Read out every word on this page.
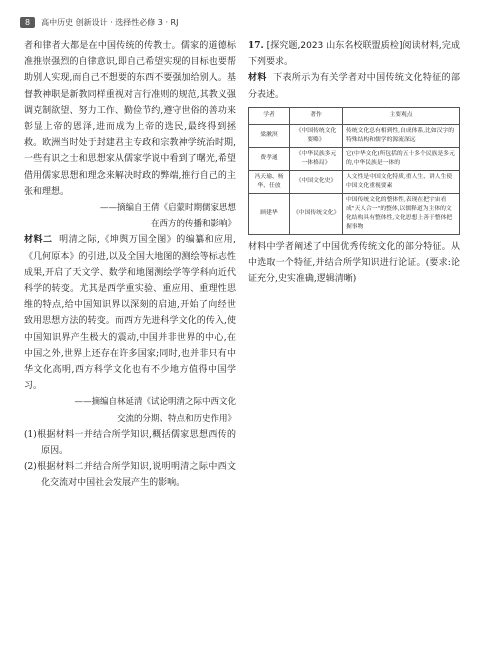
8	高中历史 创新设计 · 选择性必修 3 · RJ

者和律者大都是在中国传统的传教士。儒家的道德标准推崇强烈的自律意识,即自己希望实现的目标也要帮助别人实现,而自己不想要的东西不要强加给别人。基督教神职是新教同样重视对言行准则的规范,其教义强调克制欲望、努力工作、勤俭节约,遵守世俗的善功来彰显上帝的恩泽,进而成为上帝的选民,最终得到拯救。欧洲当时处于封建君主专政和宗教神学统治时期,一些有识之士和思想家从儒家学说中看到了曙光,希望借用儒家思想和理念来解决时政的弊端,推行自己的主张和理想。

——摘编自王倩《启蒙时期儒家思想

在西方的传播和影响》

材料二 明清之际,《坤舆万国全图》的编纂和应用,《几何原本》的引进,以及全国大地图的测绘等标志性成果,开启了天文学、数学和地图测绘学等学科向近代科学的转变。尤其是西学重实验、重应用、重理性思维的特点,给中国知识界以深刻的启迪,开始了向经世致用思想方法的转变。而西方先进科学文化的传入,使中国知识界产生极大的震动,中国并非世界的中心,在中国之外,世界上还存在许多国家;同时,也并非只有中华文化高明,西方科学文化也有不少地方值得中国学习。

——摘编自林延清《试论明清之际中西文化

交流的分期、特点和历史作用》

(1)根据材料一并结合所学知识,概括儒家思想西传的原因。

(2)根据材料二并结合所学知识,说明明清之际中西文化交流对中国社会发展产生的影响。

17. [探究题,2023 山东名校联盟质检]阅读材料,完成下列要求。

材料 下表所示为有关学者对中国传统文化特征的部分表述。

学者	著作	主要观点
梁漱溟	《中国传统文化要略》	传统文化总有相到性,自成体系,比如汉字的特殊结构和儒学的源流深远
费孝通	《中华民族多元一体格局》	它(中华文化)所包括的五十多个民族是多元的,中华民族是一体的
冯天瑜、杨华、任放	《中国文化史》	人文性是中国文化特质,重人生、讲人生使中国文化重视要素
顾建华	《中国传统文化》	中国传统文化的整体性,表现在把宇宙看成"天人合一"的整体,以儒释道为主体的文化结构具有整体性,文化思想上善于整体把握事物

材料中学者阐述了中国优秀传统文化的部分特征。从中选取一个特征,并结合所学知识进行论证。(要求:论证充分,史实准确,逻辑清晰)
